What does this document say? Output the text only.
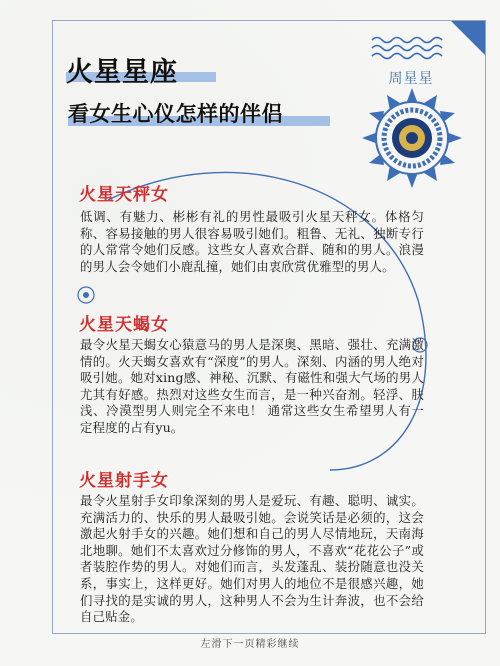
火星星座
看女生心仪怎样的伴侣
周星星
火星天秤女
低调、有魅力、彬彬有礼的男性最吸引火星天秤女。体格匀称、容易接触的男人很容易吸引她们。粗鲁、无礼、独断专行的人常常令她们反感。这些女人喜欢合群、随和的男人。浪漫的男人会令她们小鹿乱撞，她们由衷欣赏优雅型的男人。
火星天蝎女
最令火星天蝎女心猿意马的男人是深奥、黑暗、强壮、充满激情的。火天蝎女喜欢有“深度”的男人。深刻、内涵的男人绝对吸引她。她对xing感、神秘、沉默、有磁性和强大气场的男人尤其有好感。热烈对这些女生而言，是一种兴奋剂。轻浮、肤浅、冷漠型男人则完全不来电！ 通常这些女生希望男人有一定程度的占有yu。
火星射手女
最令火星射手女印象深刻的男人是爱玩、有趣、聪明、诚实。充满活力的、快乐的男人最吸引她。会说笑话是必须的，这会激起火射手女的兴趣。她们想和自己的男人尽情地玩，天南海北地聊。她们不太喜欢过分修饰的男人，不喜欢“花花公子”或者装腔作势的男人。对她们而言，头发蓬乱、装扮随意也没关系，事实上，这样更好。她们对男人的地位不是很感兴趣，她们寻找的是实诚的男人，这种男人不会为生计奔波，也不会给自己贴金。
左滑下一页精彩继续
